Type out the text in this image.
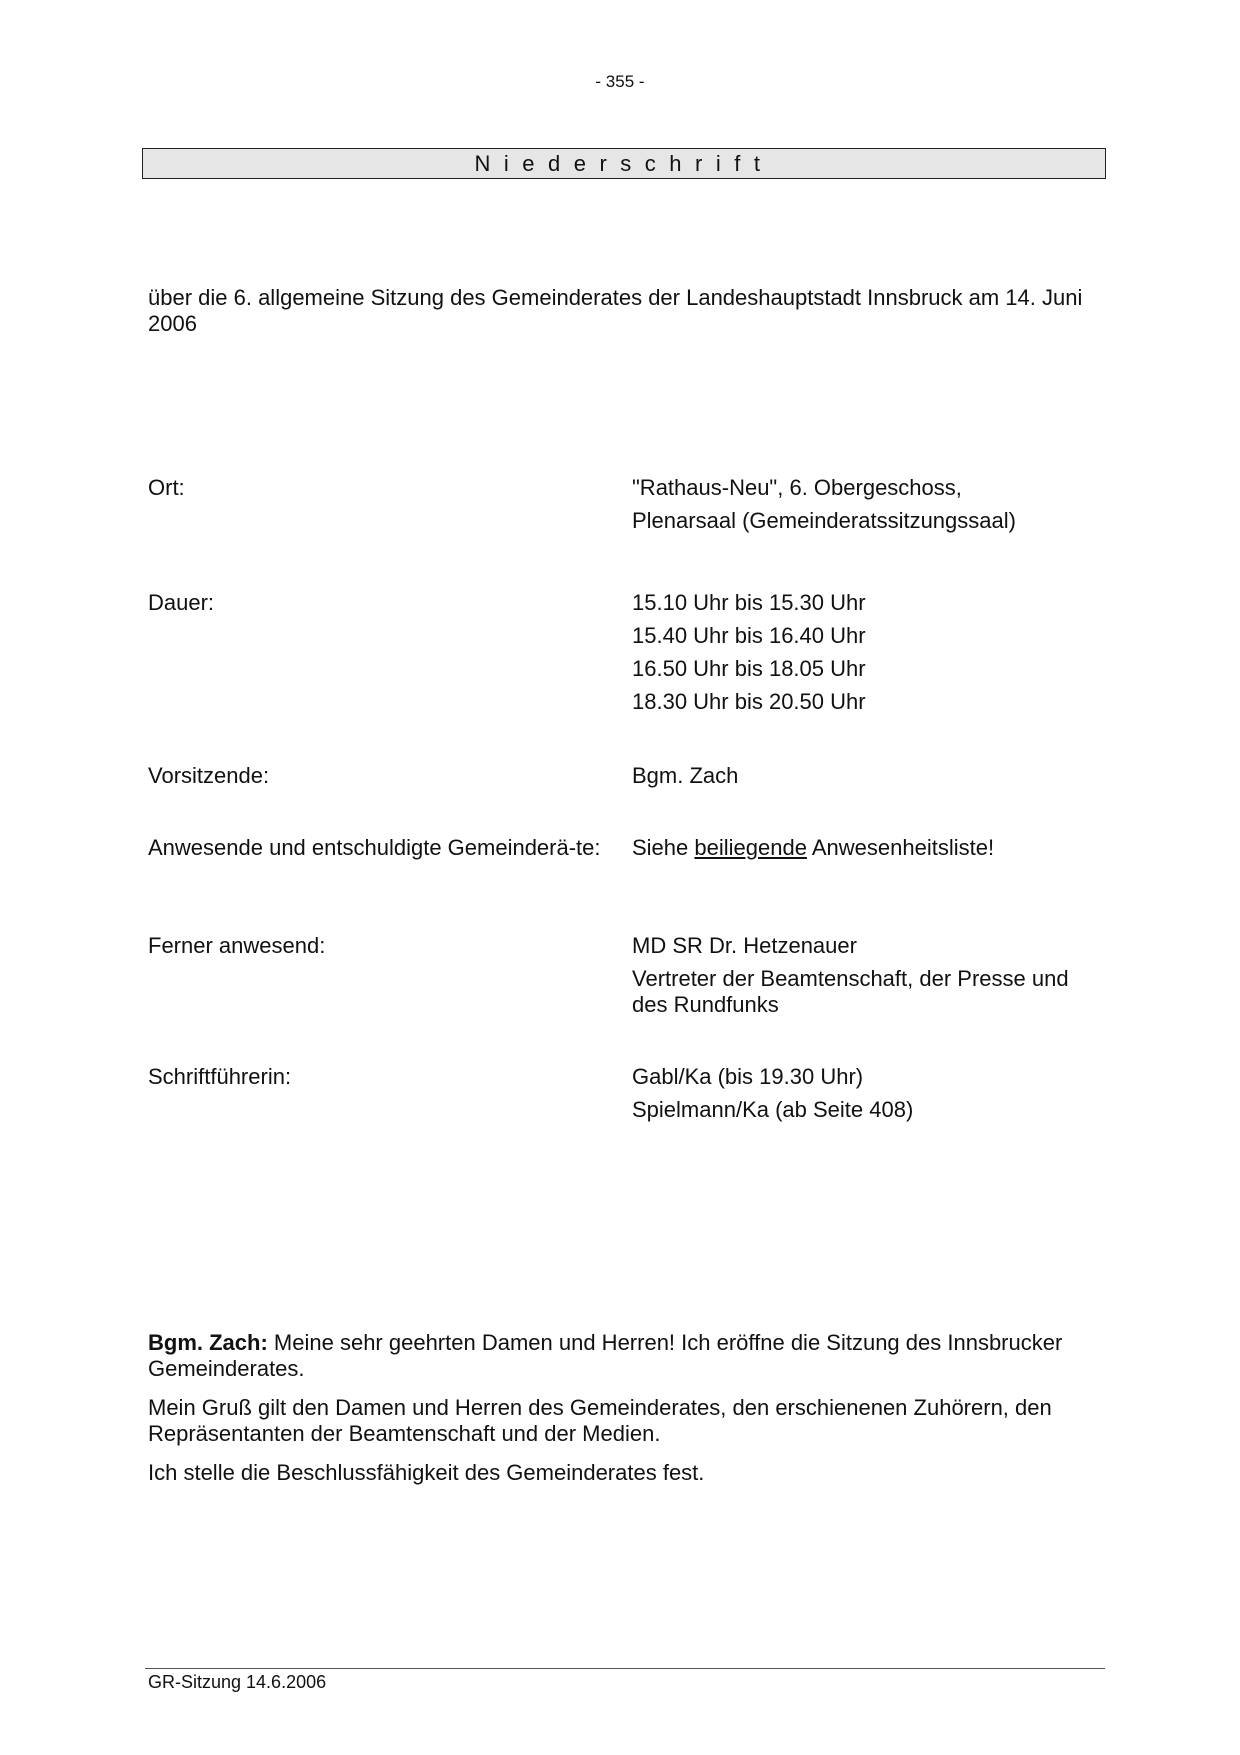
- 355 -
Niederschrift
über die 6. allgemeine Sitzung des Gemeinderates der Landeshauptstadt Innsbruck am 14. Juni 2006
Ort:	"Rathaus-Neu", 6. Obergeschoss,
Plenarsaal (Gemeinderatssitzungssaal)
Dauer:	15.10 Uhr bis 15.30 Uhr
15.40 Uhr bis 16.40 Uhr
16.50 Uhr bis 18.05 Uhr
18.30 Uhr bis 20.50 Uhr
Vorsitzende:	Bgm. Zach
Anwesende und entschuldigte Gemeinderä-te: Siehe beiliegende Anwesenheitsliste!
Ferner anwesend:	MD SR Dr. Hetzenauer
Vertreter der Beamtenschaft, der Presse und des Rundfunks
Schriftführerin:	Gabl/Ka (bis 19.30 Uhr)
Spielmann/Ka (ab Seite 408)
Bgm. Zach: Meine sehr geehrten Damen und Herren! Ich eröffne die Sitzung des Innsbrucker Gemeinderates.
Mein Gruß gilt den Damen und Herren des Gemeinderates, den erschienenen Zuhörern, den Repräsentanten der Beamtenschaft und der Medien.
Ich stelle die Beschlussfähigkeit des Gemeinderates fest.
GR-Sitzung 14.6.2006
